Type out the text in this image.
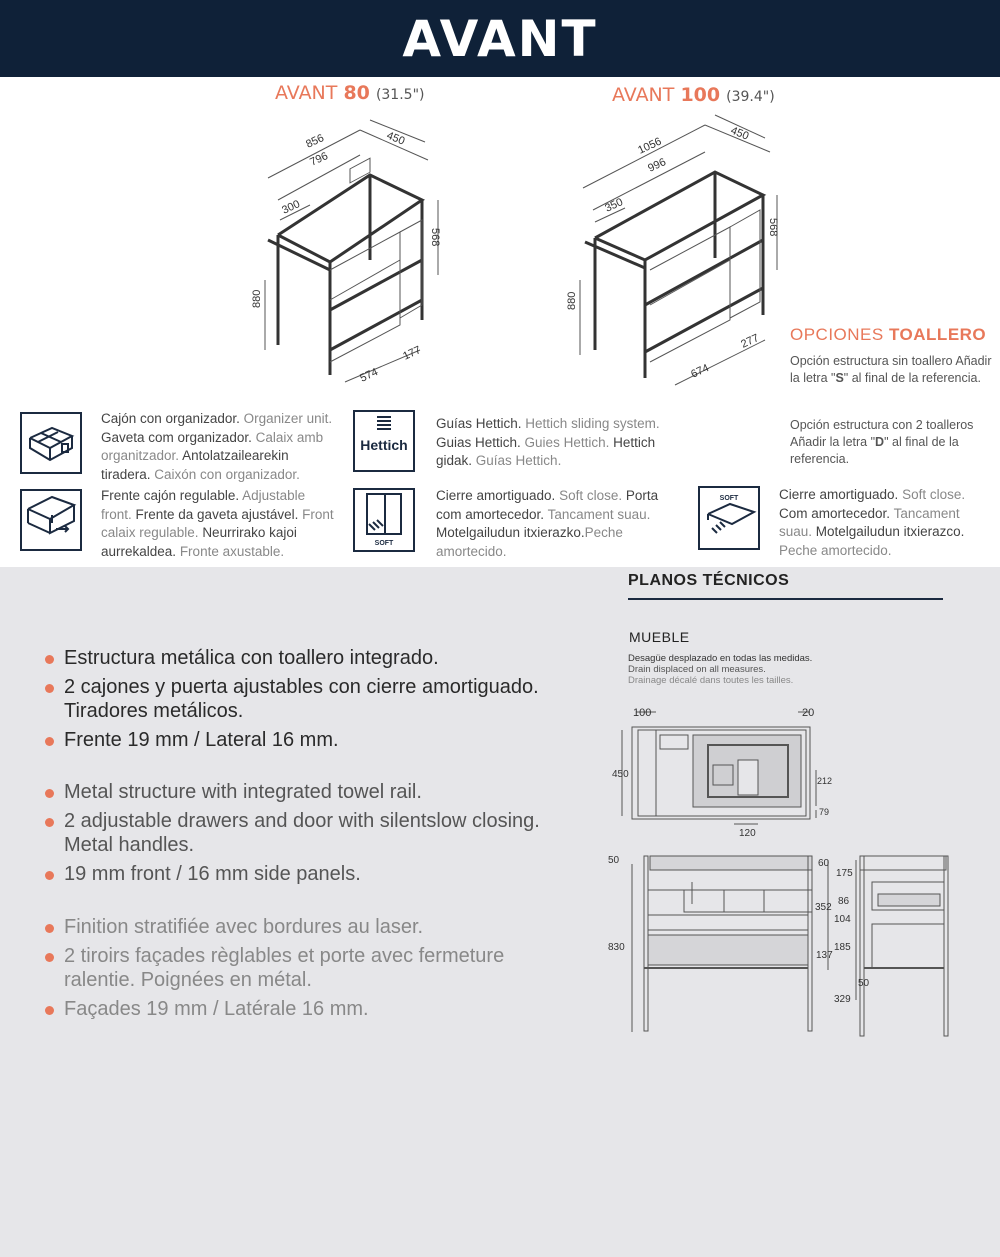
AVANT
AVANT 80 (31.5")	AVANT 100 (39.4")
856
796
450
300
880
568
574
177
1056
996
450
350
880
568
674
277
Cajón con organizador. Organizer unit. Gaveta com organizador. Calaix amb organitzador. Antolatzailearekin tiradera. Caixón con organizador.
Hettich
Guías Hettich. Hettich sliding system. Guias Hettich. Guies Hettich. Hettich gidak. Guías Hettich.
Frente cajón regulable. Adjustable front. Frente da gaveta ajustável. Front calaix regulable. Neurrirako kajoi aurrekaldea. Fronte axustable.	SOFT
Cierre amortiguado. Soft close. Porta com amortecedor. Tancament suau. Motelgailudun itxierazko.Peche amortecido.
SOFT	Cierre amortiguado. Soft close. Com amortecedor. Tancament suau. Motelgailudun itxierazco. Peche amortecido.
OPCIONES TOALLERO
Opción estructura sin toallero Añadir la letra "S" al final de la referencia.
Opción estructura con 2 toalleros Añadir la letra "D" al final de la referencia.
Estructura metálica con toallero integrado.
2 cajones y puerta ajustables con cierre amortiguado. Tiradores metálicos.
Frente 19 mm / Lateral 16 mm.
Metal structure with integrated towel rail.
2 adjustable drawers and door with silentslow closing. Metal handles.
19 mm front / 16 mm side panels.
Finition stratifiée avec bordures au laser.
2 tiroirs façades règlables et porte avec fermeture ralentie. Poignées en métal.
Façades 19 mm / Latérale 16 mm.
PLANOS TÉCNICOS
MUEBLE
Desagüe desplazado en todas las medidas.
Drain displaced on all measures.
Drainage décalé dans toutes les tailles.
100	20
450
212
79
120
50
830
60
352
137
175
86
104
185
50
329
